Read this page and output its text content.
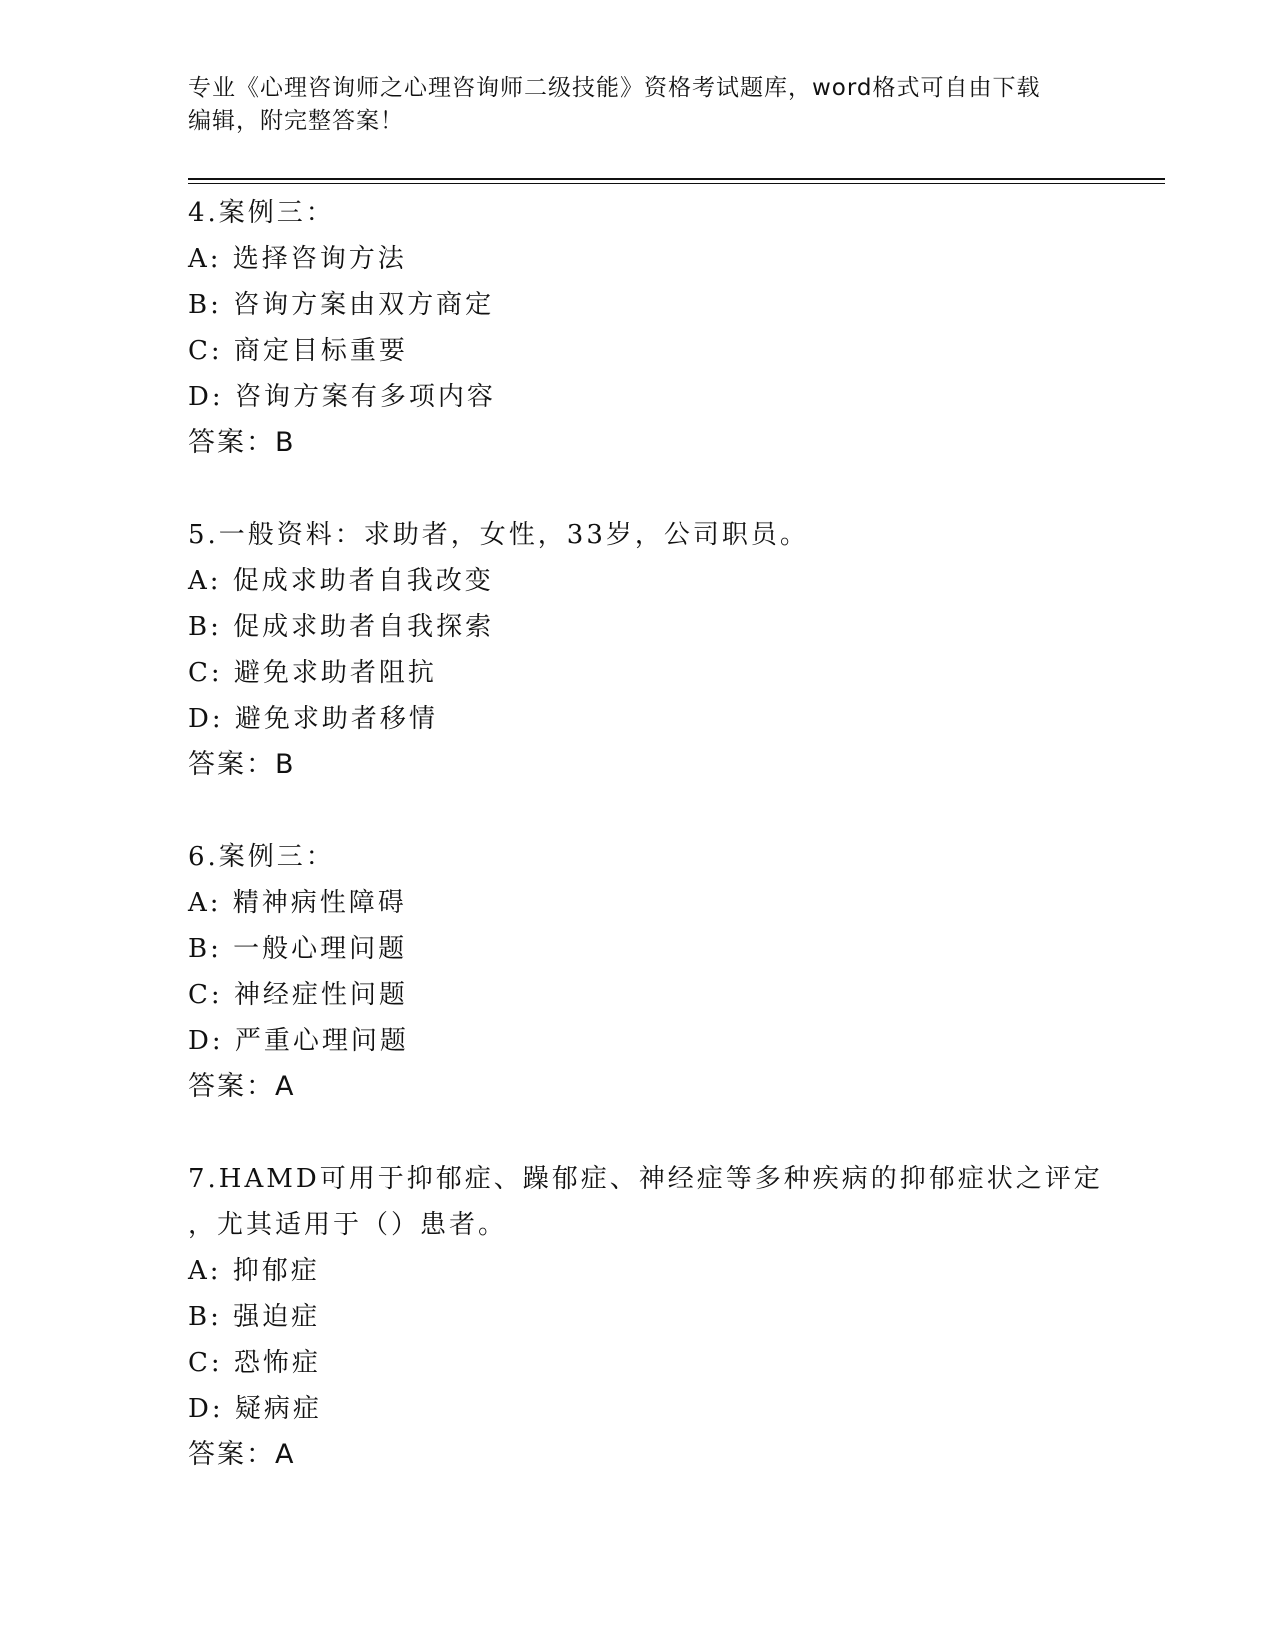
专业《心理咨询师之心理咨询师二级技能》资格考试题库，word格式可自由下载
编辑，附完整答案！
4.案例三：
A: 选择咨询方法
B: 咨询方案由双方商定
C: 商定目标重要
D: 咨询方案有多项内容
答案：B
5.一般资料：求助者，女性，33岁，公司职员。
A: 促成求助者自我改变
B: 促成求助者自我探索
C: 避免求助者阻抗
D: 避免求助者移情
答案：B
6.案例三：
A: 精神病性障碍
B: 一般心理问题
C: 神经症性问题
D: 严重心理问题
答案：A
7.HAMD可用于抑郁症、躁郁症、神经症等多种疾病的抑郁症状之评定
，尤其适用于（）患者。
A: 抑郁症
B: 强迫症
C: 恐怖症
D: 疑病症
答案：A
